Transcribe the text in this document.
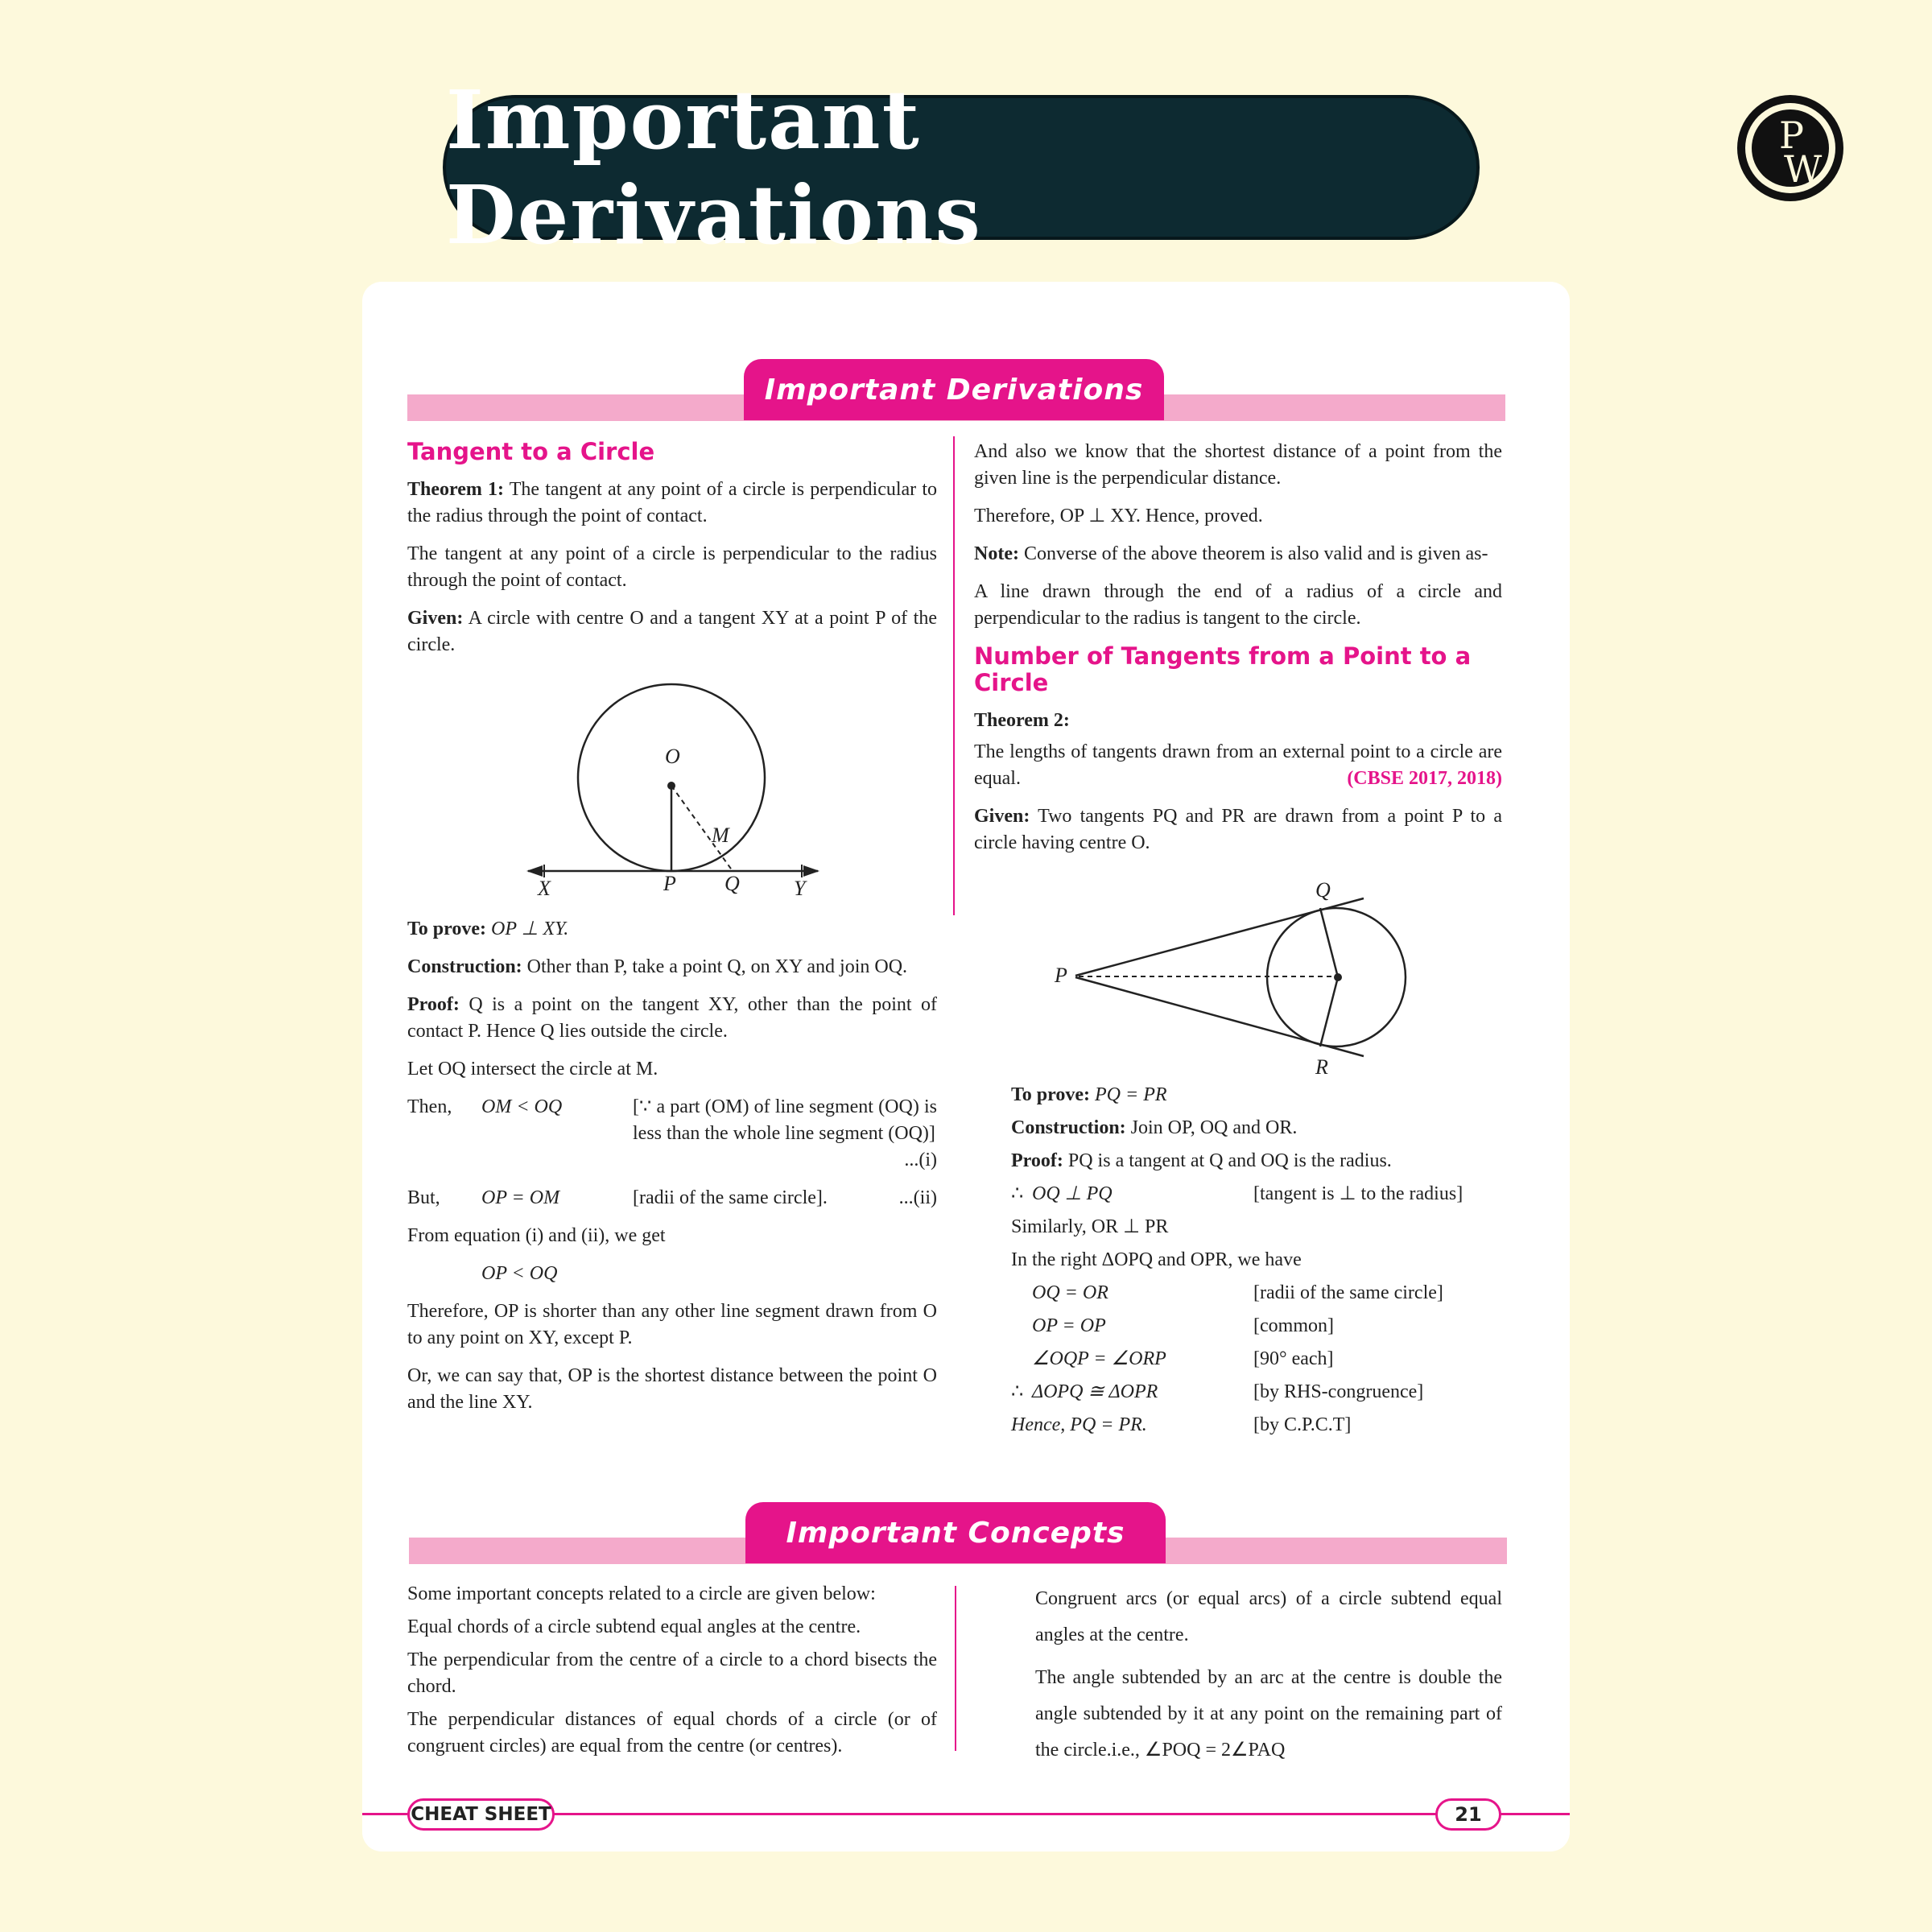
Important Derivations
P
W
Important Derivations
Tangent to a Circle

Theorem 1: The tangent at any point of a circle is perpendicular to the radius through the point of contact.

The tangent at any point of a circle is perpendicular to the radius through the point of contact.

Given: A circle with centre O and a tangent XY at a point P of the circle.

O
M
X	P Q	Y

To prove: OP ⊥ XY.

Construction: Other than P, take a point Q, on XY and join OQ.

Proof: Q is a point on the tangent XY, other than the point of contact P. Hence Q lies outside the circle.

Let OQ intersect the circle at M.

Then,	OM < OQ	[∵ a part (OM) of line segment (OQ) is less than the whole line segment (OQ)]
...(i)
But,	OP = OM	[radii of the same circle].	...(ii)

From equation (i) and (ii), we get

OP < OQ

Therefore, OP is shorter than any other line segment drawn from O to any point on XY, except P.

Or, we can say that, OP is the shortest distance between the point O and the line XY.

And also we know that the shortest distance of a point from the given line is the perpendicular distance.

Therefore, OP ⊥ XY. Hence, proved.

Note: Converse of the above theorem is also valid and is given as-

A line drawn through the end of a radius of a circle and perpendicular to the radius is tangent to the circle.

Number of Tangents from a Point to a Circle

Theorem 2:

The lengths of tangents drawn from an external point to a circle are equal.	(CBSE 2017, 2018)

Given: Two tangents PQ and PR are drawn from a point P to a circle having centre O.

Q
P
R

To prove: PQ = PR

Construction: Join OP, OQ and OR.

Proof: PQ is a tangent at Q and OQ is the radius.

∴ OQ ⊥ PQ	[tangent is ⊥ to the radius]
Similarly, OR ⊥ PR
In the right ΔOPQ and OPR, we have
OQ = OR	[radii of the same circle]
OP = OP	[common]
∠OQP = ∠ORP	[90° each]
∴ ΔOPQ ≅ ΔOPR	[by RHS-congruence]
Hence, PQ = PR.	[by C.P.C.T]
Important Concepts

Some important concepts related to a circle are given below:

Equal chords of a circle subtend equal angles at the centre.

The perpendicular from the centre of a circle to a chord bisects the chord.

The perpendicular distances of equal chords of a circle (or of congruent circles) are equal from the centre (or centres).

Congruent arcs (or equal arcs) of a circle subtend equal angles at the centre.

The angle subtended by an arc at the centre is double the angle subtended by it at any point on the remaining part of the circle.i.e., ∠POQ = 2∠PAQ

CHEAT SHEET	21
